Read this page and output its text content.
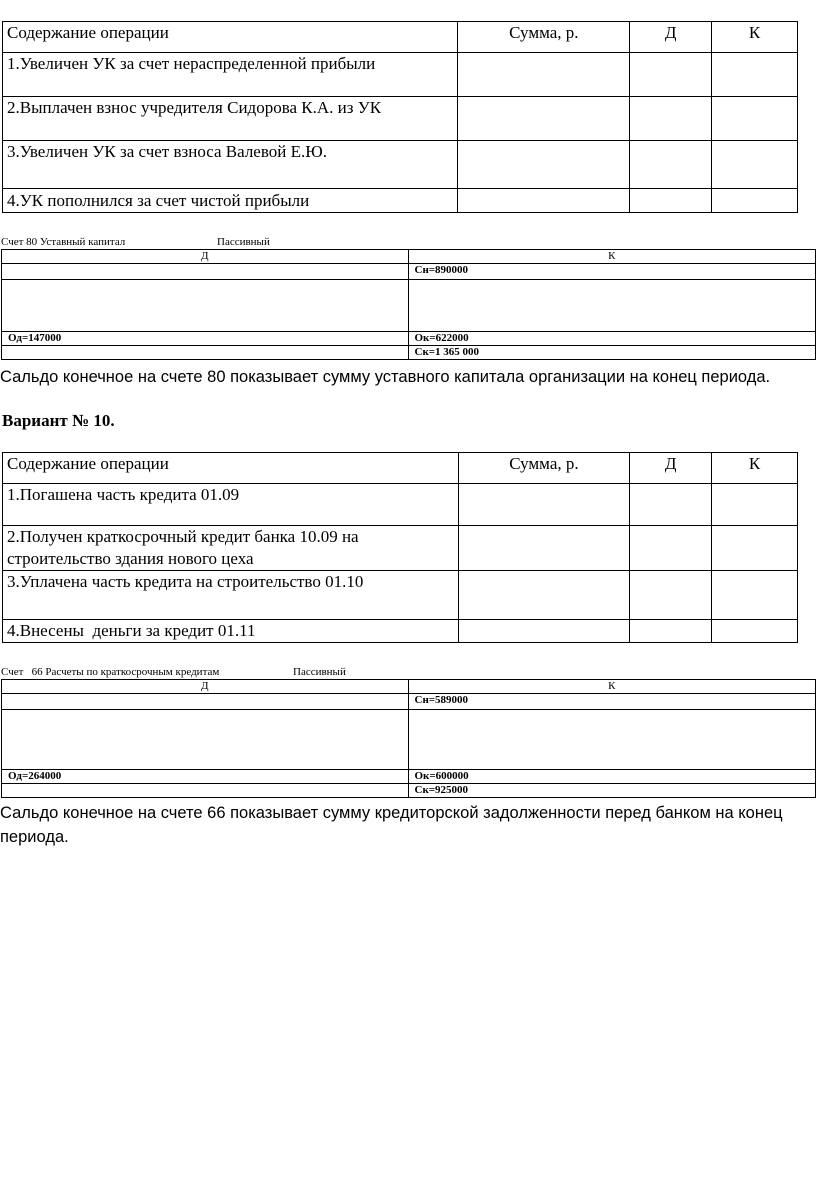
Содержание операции	Сумма, р.	Д	К
1.Увеличен УК за счет нераспределенной прибыли			
2.Выплачен взнос учредителя Сидорова К.А. из УК			
3.Увеличен УК за счет взноса Валевой Е.Ю.			
4.УК пополнился за счет чистой прибыли			
Счет 80 Уставный капитал	Пассивный
Д	К
	Сн=890000

Од=147000	Ок=622000
	Ск=1 365 000
Сальдо конечное на счете 80 показывает сумму уставного капитала организации на конец периода.
Вариант № 10.
Содержание операции	Сумма, р.	Д	К
1.Погашена часть кредита 01.09			
2.Получен краткосрочный кредит банка 10.09 на строительство здания нового цеха			
3.Уплачена часть кредита на строительство 01.10			
4.Внесены  деньги за кредит 01.11			
Счет   66 Расчеты по краткосрочным кредитам	Пассивный
Д	К
	Сн=589000

Од=264000	Ок=600000
	Ск=925000
Сальдо конечное на счете 66 показывает сумму кредиторской задолженности перед банком на конец
периода.
